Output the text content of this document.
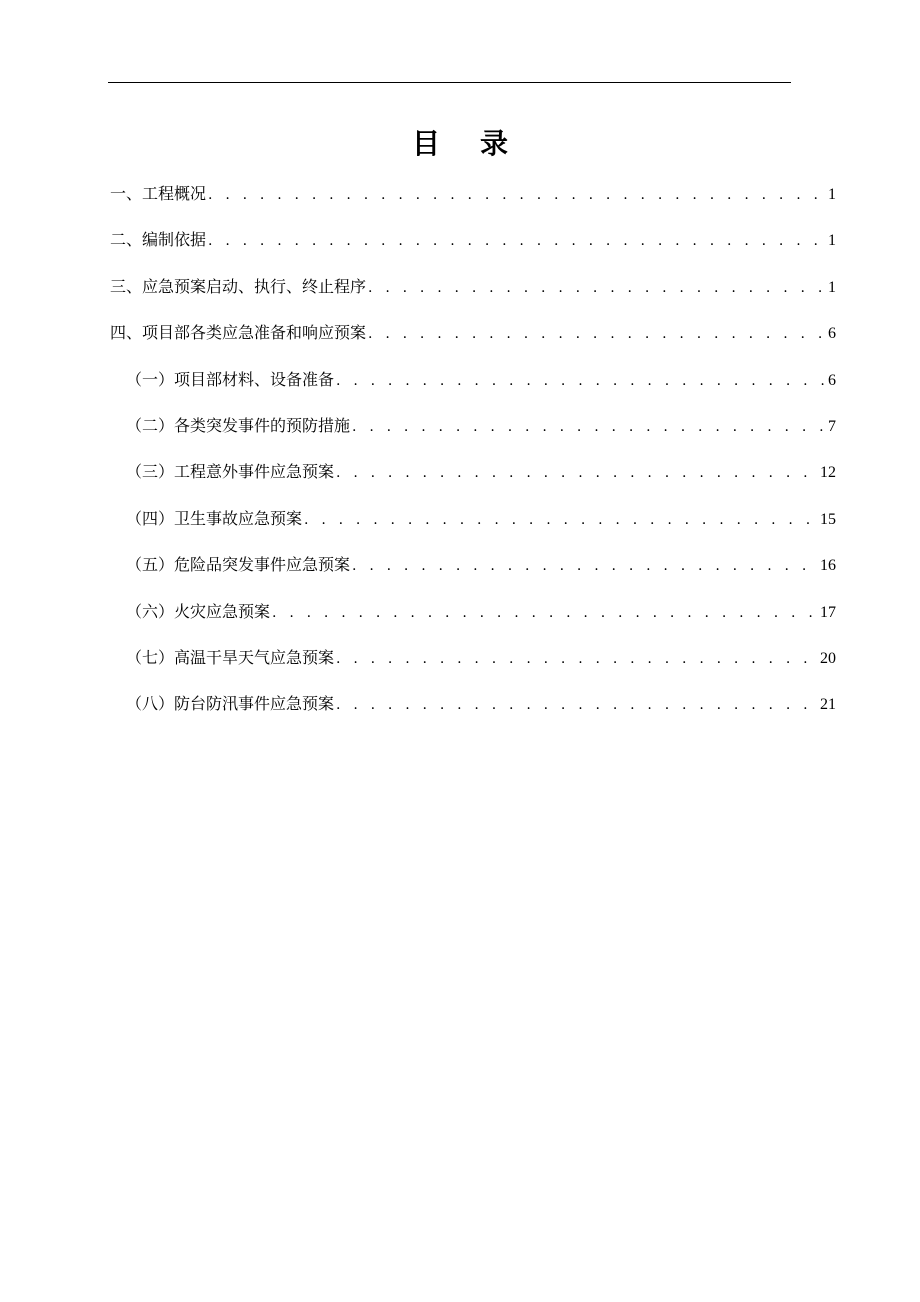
目录
一、工程概况 . . .	1
二、编制依据 . . .	1
三、应急预案启动、执行、终止程序 . . .	1
四、项目部各类应急准备和响应预案 . . .	6
（一）项目部材料、设备准备 . . .	6
（二）各类突发事件的预防措施 . . .	7
（三）工程意外事件应急预案 . . .	12
（四）卫生事故应急预案 . . .	15
（五）危险品突发事件应急预案 . . .	16
（六）火灾应急预案 . . .	17
（七）高温干旱天气应急预案 . . .	20
（八）防台防汛事件应急预案 . . .	21
